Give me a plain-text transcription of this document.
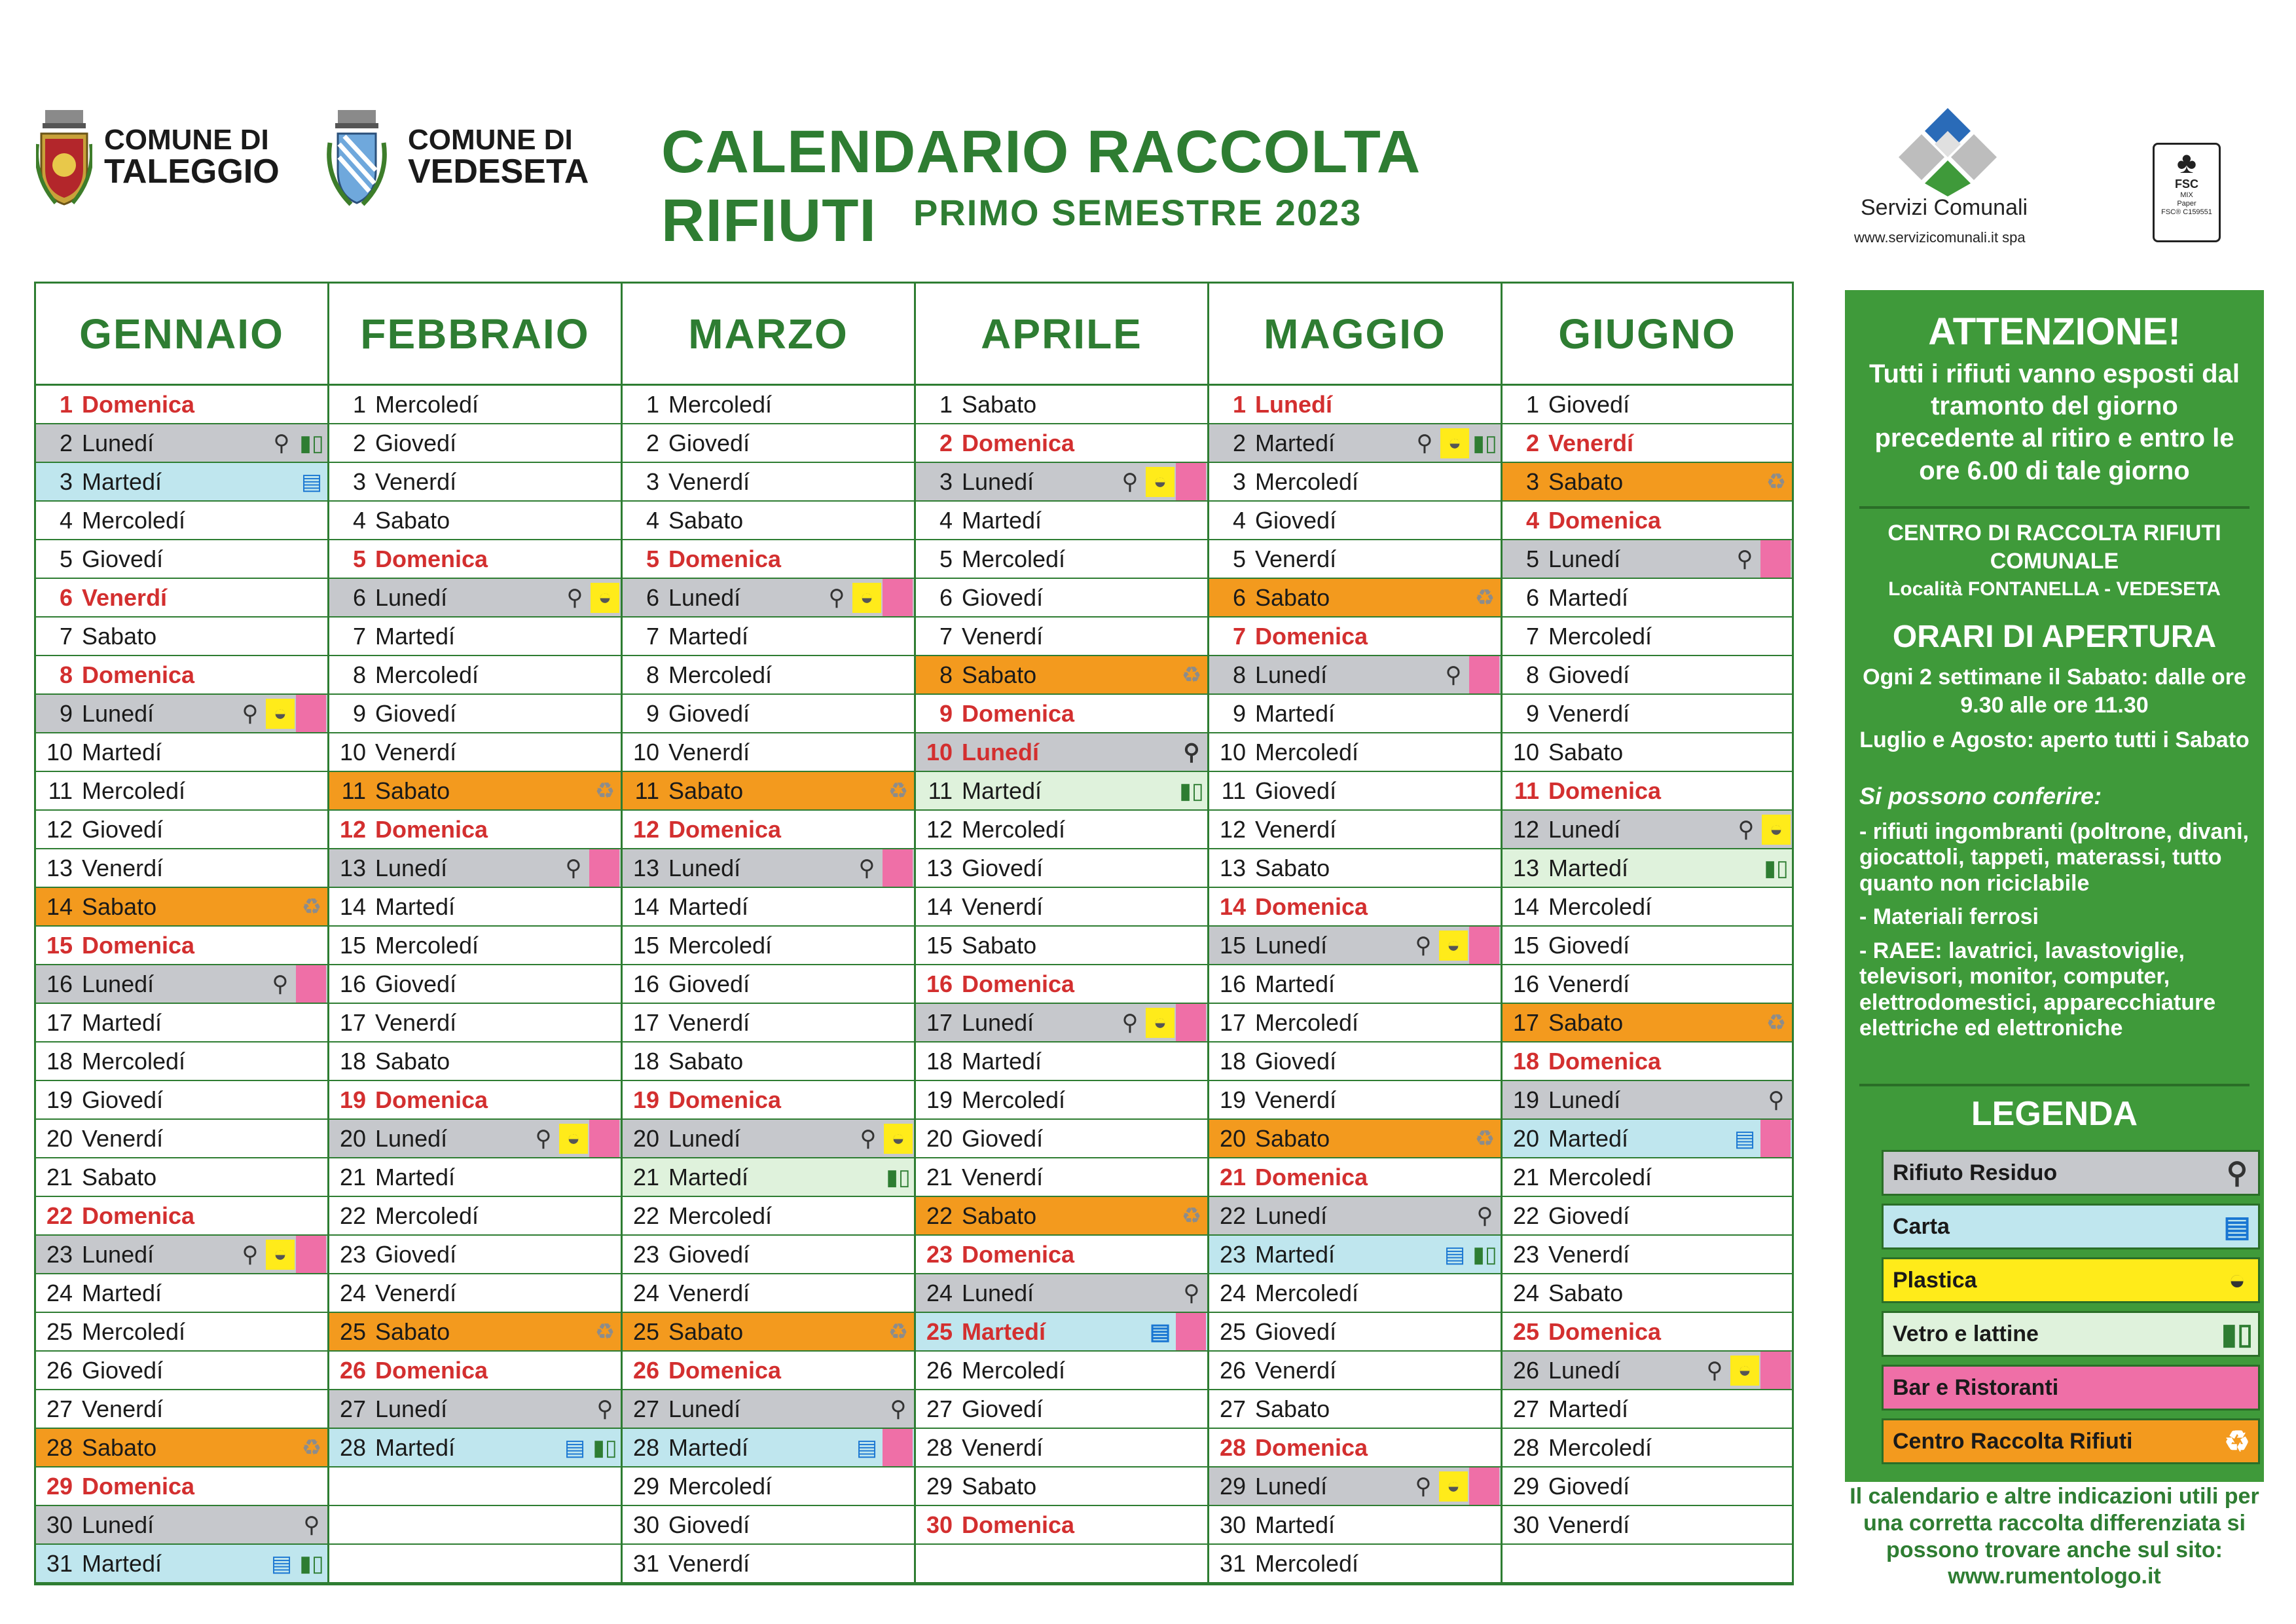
COMUNE DI
TALEGGIO
COMUNE DI
VEDESETA CALENDARIO RACCOLTA RIFIUTI	PRIMO SEMESTRE 2023	Servizi Comunali
www.servizicomunali.it spa
♣
FSC
MIX
Paper
FSC® C159551
GENNAIO
1 Domenica
2 Lunedí	⚲ ▮▯
3 Martedí	▤
4 Mercoledí
5 Giovedí
6 Venerdí
7 Sabato
8 Domenica
9 Lunedí	⚲ ◒
10 Martedí
11 Mercoledí
12 Giovedí
13 Venerdí
14 Sabato	♻
15 Domenica
16 Lunedí	⚲
17 Martedí
18 Mercoledí
19 Giovedí
20 Venerdí
21 Sabato
22 Domenica
23 Lunedí	⚲ ◒
24 Martedí
25 Mercoledí
26 Giovedí
27 Venerdí
28 Sabato	♻
29 Domenica
30 Lunedí	⚲
31 Martedí	▤ ▮▯
FEBBRAIO
1 Mercoledí
2 Giovedí
3 Venerdí
4 Sabato
5 Domenica
6 Lunedí	⚲ ◒
7 Martedí
8 Mercoledí
9 Giovedí
10 Venerdí
11 Sabato	♻
12 Domenica
13 Lunedí	⚲
14 Martedí
15 Mercoledí
16 Giovedí
17 Venerdí
18 Sabato
19 Domenica
20 Lunedí	⚲ ◒
21 Martedí
22 Mercoledí
23 Giovedí
24 Venerdí
25 Sabato	♻
26 Domenica
27 Lunedí	⚲
28 Martedí	▤ ▮▯
MARZO
1 Mercoledí
2 Giovedí
3 Venerdí
4 Sabato
5 Domenica
6 Lunedí	⚲ ◒
7 Martedí
8 Mercoledí
9 Giovedí
10 Venerdí
11 Sabato	♻
12 Domenica
13 Lunedí	⚲
14 Martedí
15 Mercoledí
16 Giovedí
17 Venerdí
18 Sabato
19 Domenica
20 Lunedí	⚲ ◒
21 Martedí	▮▯
22 Mercoledí
23 Giovedí
24 Venerdí
25 Sabato	♻
26 Domenica
27 Lunedí	⚲
28 Martedí	▤
29 Mercoledí
30 Giovedí
31 Venerdí
APRILE
1 Sabato
2 Domenica
3 Lunedí	⚲ ◒
4 Martedí
5 Mercoledí
6 Giovedí
7 Venerdí
8 Sabato	♻
9 Domenica
10 Lunedí	⚲
11 Martedí	▮▯
12 Mercoledí
13 Giovedí
14 Venerdí
15 Sabato
16 Domenica
17 Lunedí	⚲ ◒
18 Martedí
19 Mercoledí
20 Giovedí
21 Venerdí
22 Sabato	♻
23 Domenica
24 Lunedí	⚲
25 Martedí	▤
26 Mercoledí
27 Giovedí
28 Venerdí
29 Sabato
30 Domenica
MAGGIO
1 Lunedí
2 Martedí	⚲ ◒ ▮▯
3 Mercoledí
4 Giovedí
5 Venerdí
6 Sabato	♻
7 Domenica
8 Lunedí	⚲
9 Martedí
10 Mercoledí
11 Giovedí
12 Venerdí
13 Sabato
14 Domenica
15 Lunedí	⚲ ◒
16 Martedí
17 Mercoledí
18 Giovedí
19 Venerdí
20 Sabato	♻
21 Domenica
22 Lunedí	⚲
23 Martedí	▤ ▮▯
24 Mercoledí
25 Giovedí
26 Venerdí
27 Sabato
28 Domenica
29 Lunedí	⚲ ◒
30 Martedí
31 Mercoledí
GIUGNO
1 Giovedí
2 Venerdí
3 Sabato	♻
4 Domenica
5 Lunedí	⚲
6 Martedí
7 Mercoledí
8 Giovedí
9 Venerdí
10 Sabato
11 Domenica
12 Lunedí	⚲ ◒
13 Martedí	▮▯
14 Mercoledí
15 Giovedí
16 Venerdí
17 Sabato	♻
18 Domenica
19 Lunedí	⚲
20 Martedí	▤
21 Mercoledí
22 Giovedí
23 Venerdí
24 Sabato
25 Domenica
26 Lunedí	⚲ ◒
27 Martedí
28 Mercoledí
29 Giovedí
30 Venerdí
ATTENZIONE!
Tutti i rifiuti vanno esposti dal tramonto del giorno precedente al ritiro e entro le ore 6.00 di tale giorno
CENTRO DI RACCOLTA RIFIUTI COMUNALE
Località FONTANELLA - VEDESETA
ORARI DI APERTURA
Ogni 2 settimane il Sabato: dalle ore 9.30 alle ore 11.30
Luglio e Agosto: aperto tutti i Sabato
Si possono conferire:
- rifiuti ingombranti (poltrone, divani, giocattoli, tappeti, materassi, tutto quanto non riciclabile
- Materiali ferrosi
- RAEE: lavatrici, lavastoviglie, televisori, monitor, computer, elettrodomestici, apparecchiature elettriche ed elettroniche
LEGENDA
Rifiuto Residuo	⚲
Carta	▤
Plastica	◒
Vetro e lattine	▮▯
Bar e Ristoranti
Centro Raccolta Rifiuti	♻
Il calendario e altre indicazioni utili per una corretta raccolta differenziata si possono trovare anche sul sito:
www.rumentologo.it
